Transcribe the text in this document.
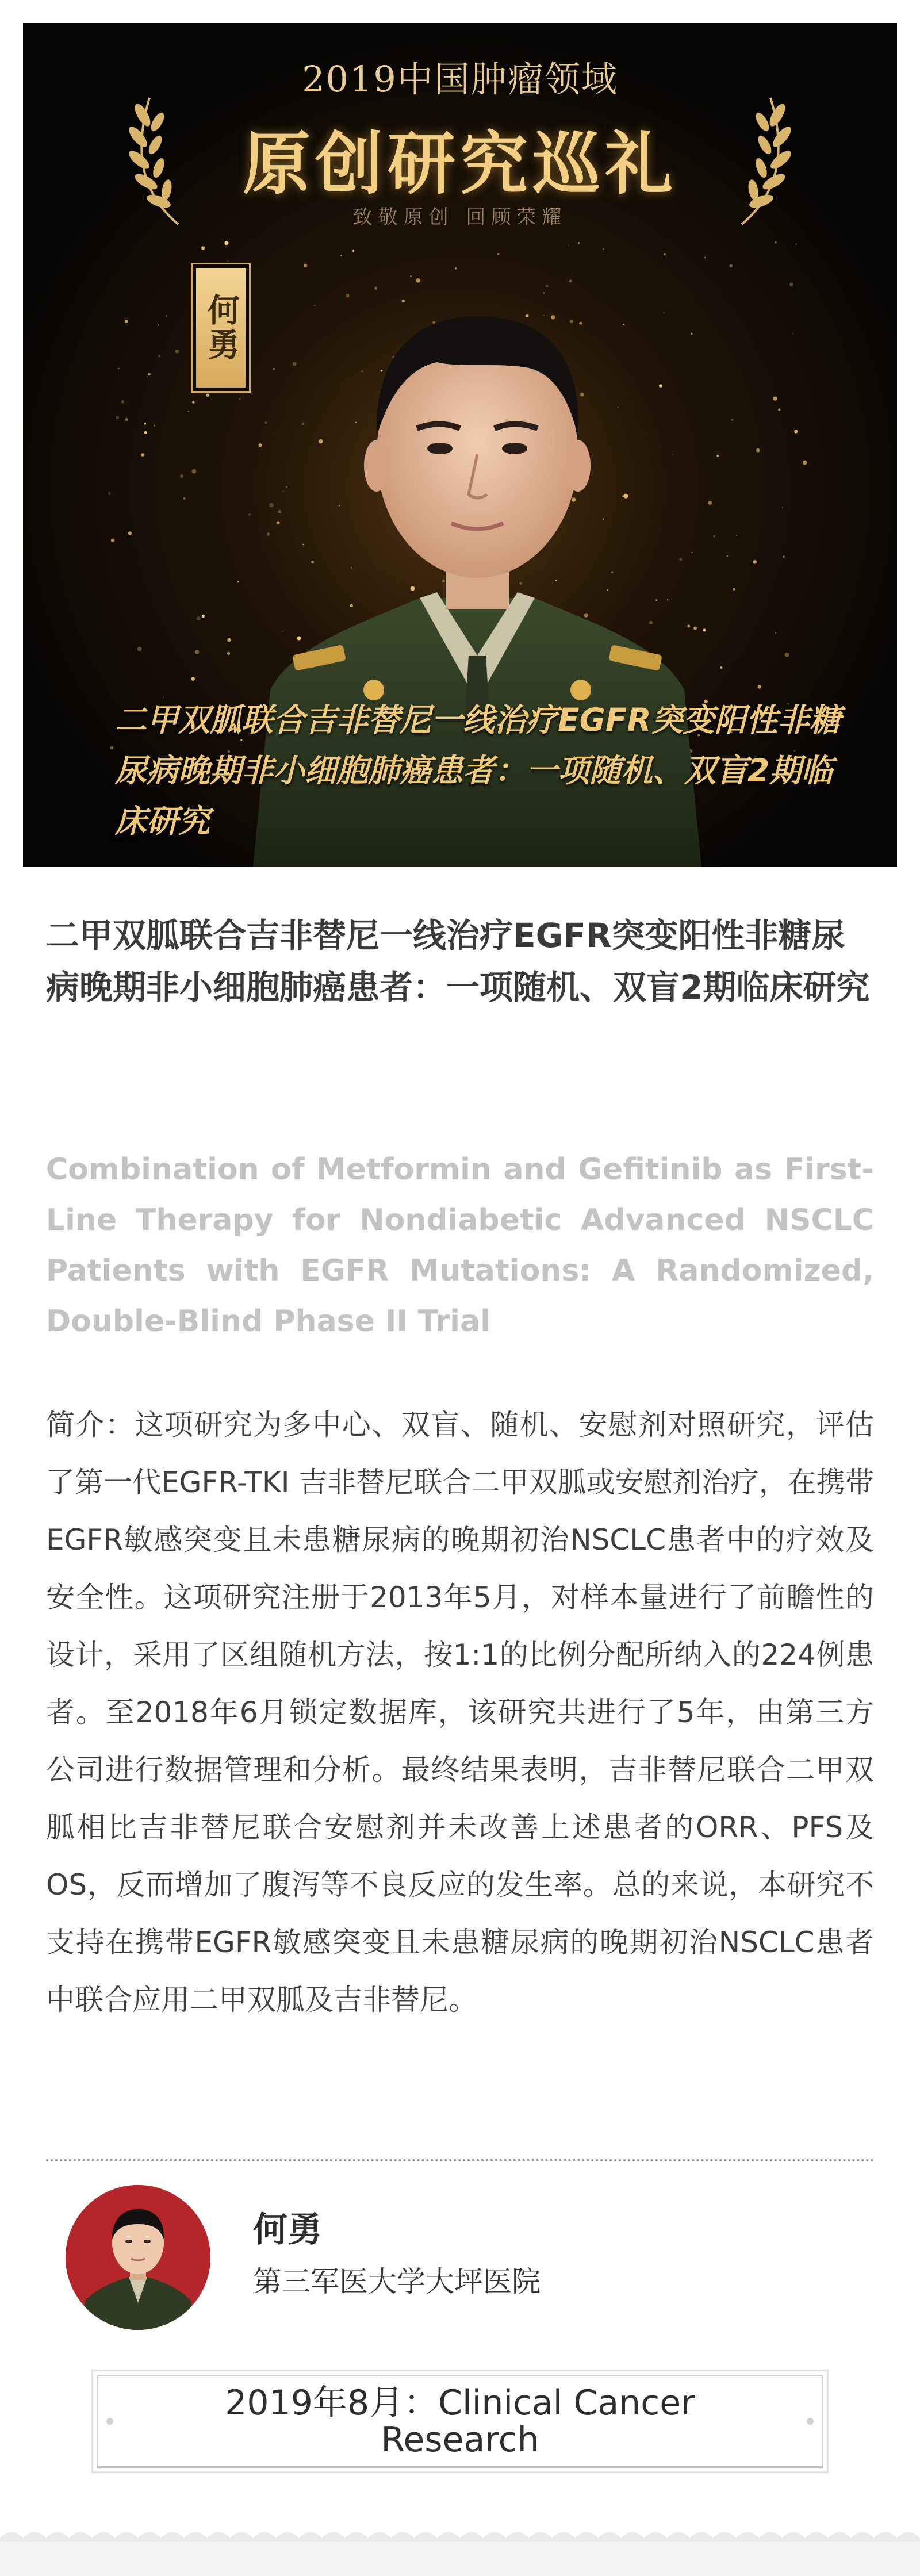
2019中国肿瘤领域
原创研究巡礼
致敬原创 回顾荣耀
何勇
二甲双胍联合吉非替尼一线治疗EGFR突变阳性非糖尿病晚期非小细胞肺癌患者：一项随机、双盲2期临床研究
二甲双胍联合吉非替尼一线治疗EGFR突变阳性非糖尿病晚期非小细胞肺癌患者：一项随机、双盲2期临床研究
Combination of Metformin and Gefitinib as First-Line Therapy for Nondiabetic Advanced NSCLC Patients with EGFR Mutations: A Randomized, Double-Blind Phase II Trial
简介：这项研究为多中心、双盲、随机、安慰剂对照研究，评估了第一代EGFR-TKI 吉非替尼联合二甲双胍或安慰剂治疗，在携带EGFR敏感突变且未患糖尿病的晚期初治NSCLC患者中的疗效及安全性。这项研究注册于2013年5月，对样本量进行了前瞻性的设计，采用了区组随机方法，按1:1的比例分配所纳入的224例患者。至2018年6月锁定数据库，该研究共进行了5年，由第三方公司进行数据管理和分析。最终结果表明，吉非替尼联合二甲双胍相比吉非替尼联合安慰剂并未改善上述患者的ORR、PFS及OS，反而增加了腹泻等不良反应的发生率。总的来说，本研究不支持在携带EGFR敏感突变且未患糖尿病的晚期初治NSCLC患者中联合应用二甲双胍及吉非替尼。
何勇
第三军医大学大坪医院
2019年8月：Clinical Cancer Research
